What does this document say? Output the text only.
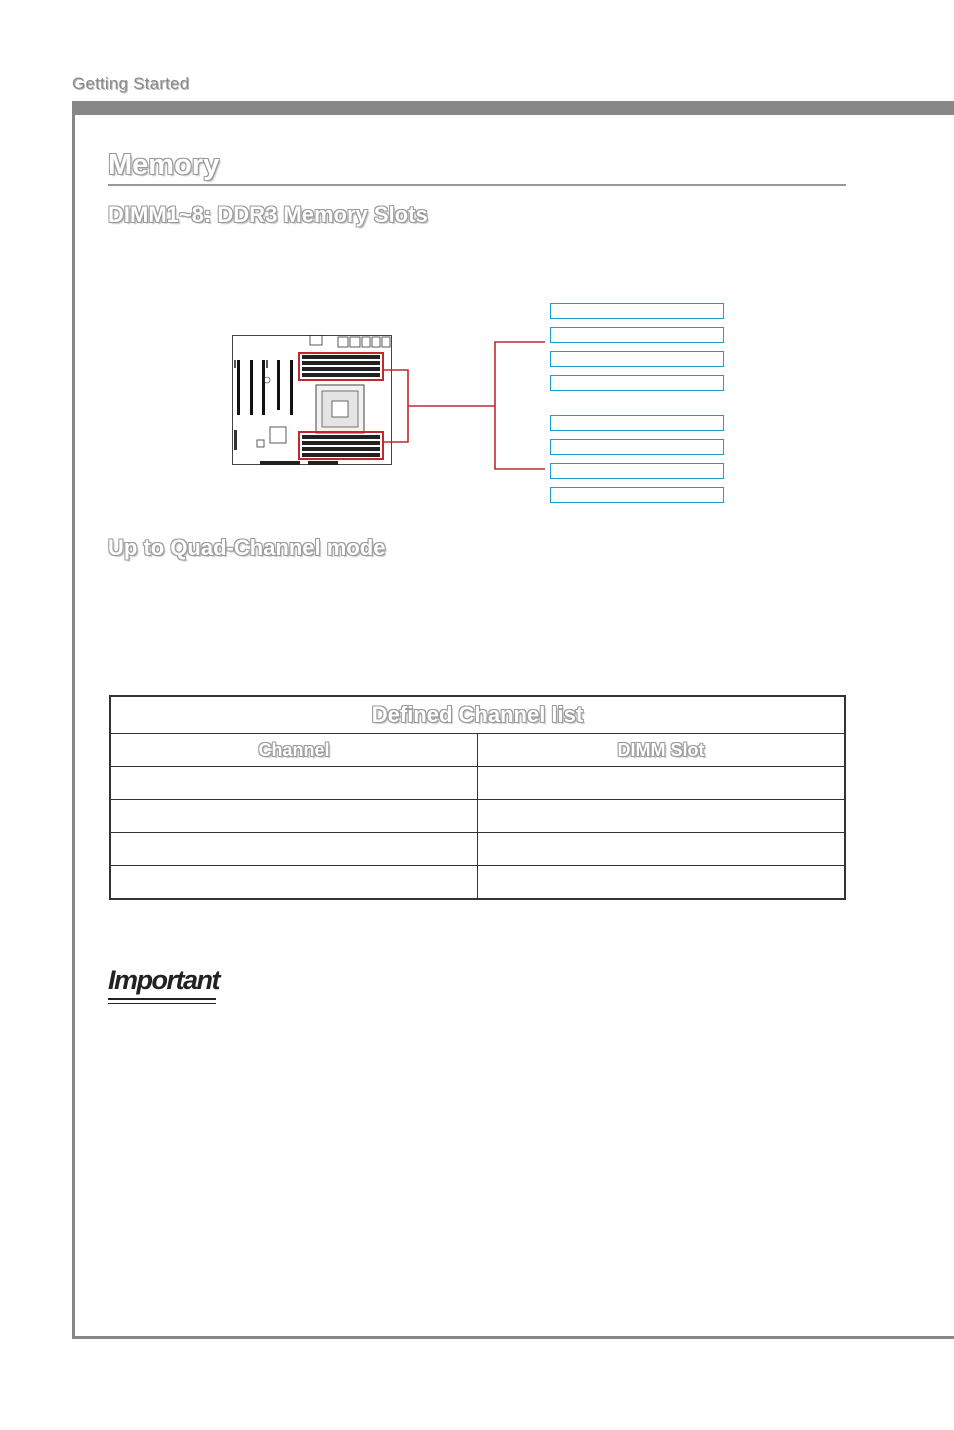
Getting Started
Memory
DIMM1~8: DDR3 Memory Slots
Up to Quad-Channel mode
Defined Channel list	
Channel	DIMM Slot

Important
